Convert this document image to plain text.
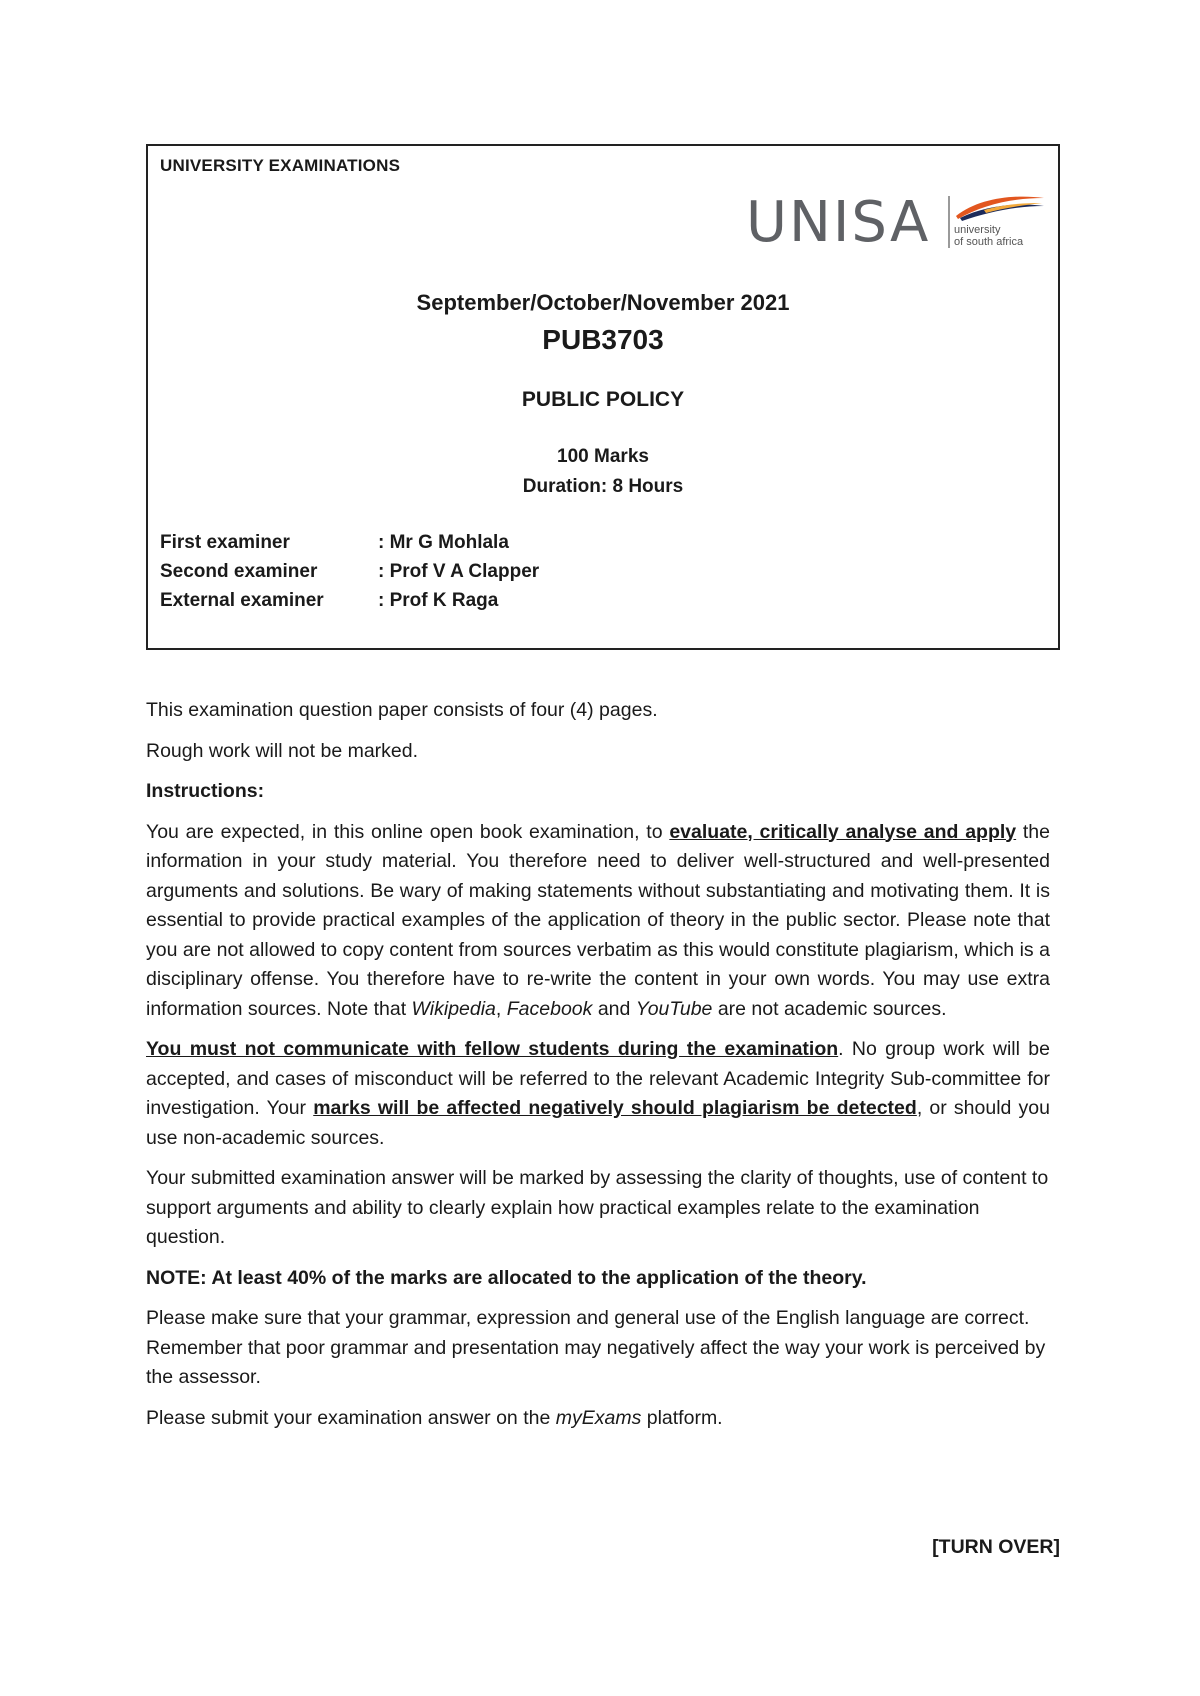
UNIVERSITY EXAMINATIONS
UNISA university
of south africa
September/October/November 2021
PUB3703
PUBLIC POLICY
100 Marks
Duration: 8 Hours
First examiner	: Mr G Mohlala
Second examiner	: Prof V A Clapper
External examiner	: Prof K Raga

This examination question paper consists of four (4) pages.

Rough work will not be marked.

Instructions:

You are expected, in this online open book examination, to evaluate, critically analyse and apply the information in your study material. You therefore need to deliver well-structured and well-presented arguments and solutions. Be wary of making statements without substantiating and motivating them. It is essential to provide practical examples of the application of theory in the public sector. Please note that you are not allowed to copy content from sources verbatim as this would constitute plagiarism, which is a disciplinary offense. You therefore have to re-write the content in your own words. You may use extra information sources. Note that Wikipedia, Facebook and YouTube are not academic sources.

You must not communicate with fellow students during the examination. No group work will be accepted, and cases of misconduct will be referred to the relevant Academic Integrity Sub-committee for investigation. Your marks will be affected negatively should plagiarism be detected, or should you use non-academic sources.

Your submitted examination answer will be marked by assessing the clarity of thoughts, use of content to support arguments and ability to clearly explain how practical examples relate to the examination question.

NOTE: At least 40% of the marks are allocated to the application of the theory.

Please make sure that your grammar, expression and general use of the English language are correct. Remember that poor grammar and presentation may negatively affect the way your work is perceived by the assessor.

Please submit your examination answer on the myExams platform.

[TURN OVER]
